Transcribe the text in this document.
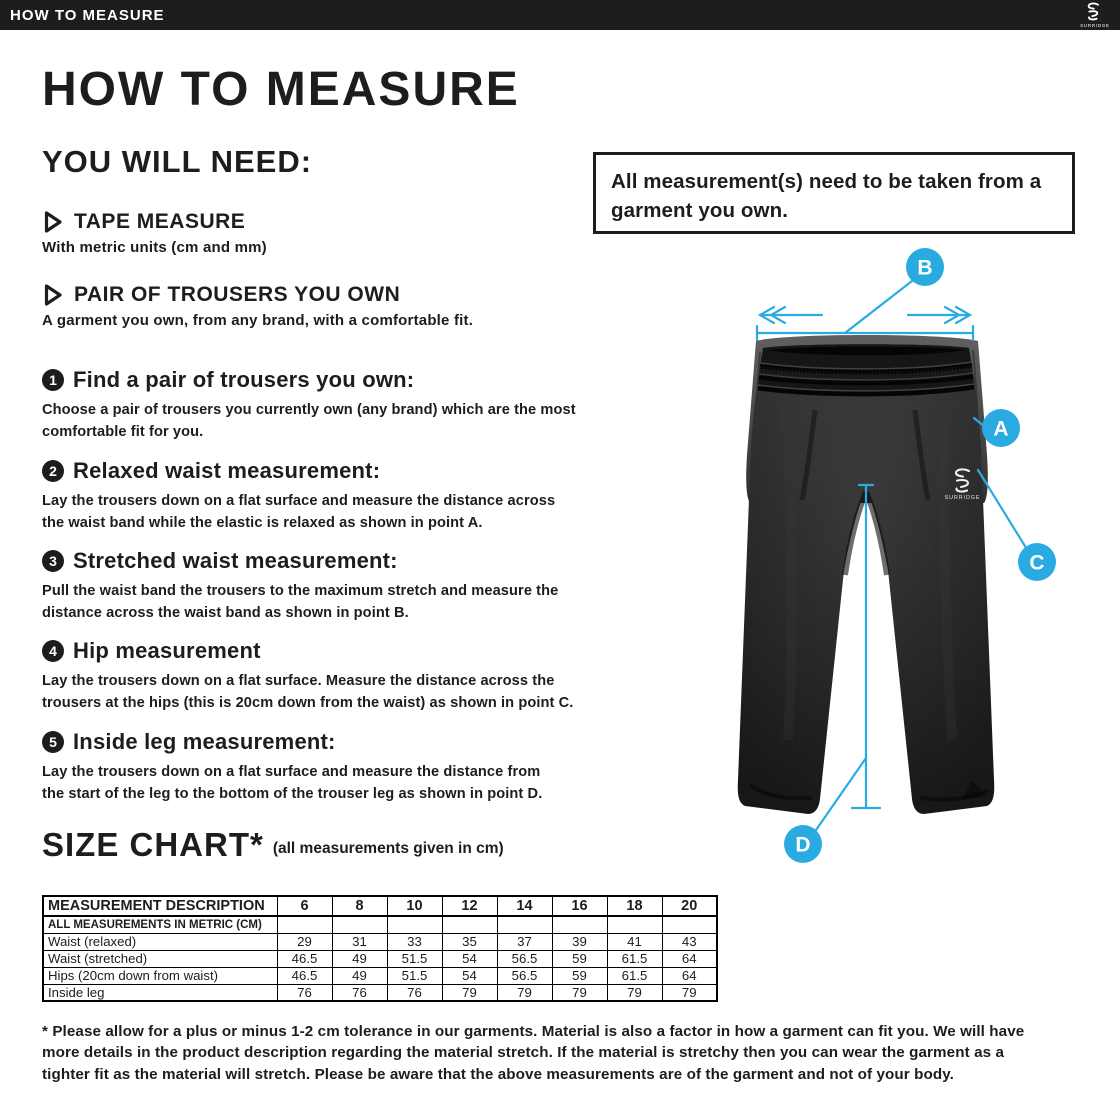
HOW TO MEASURE
SURRIDGE
HOW TO MEASURE
YOU WILL NEED:
TAPE MEASURE
With metric units (cm and mm)
PAIR OF TROUSERS YOU OWN
A garment you own, from any brand, with a comfortable fit.
All measurement(s) need to be taken from a garment you own.
1 Find a pair of trousers you own:
Choose a pair of trousers you currently own (any brand) which are the most
comfortable fit for you.
2 Relaxed waist measurement:
Lay the trousers down on a flat surface and measure the distance across
the waist band while the elastic is relaxed as shown in point A.
3 Stretched waist measurement:
Pull the waist band the trousers to the maximum stretch and measure the
distance across the waist band as shown in point B.
4 Hip measurement
Lay the trousers down on a flat surface. Measure the distance across the
trousers at the hips (this is 20cm down from the waist) as shown in point C.
5 Inside leg measurement:
Lay the trousers down on a flat surface and measure the distance from
the start of the leg to the bottom of the trouser leg as shown in point D.
SIZE CHART* (all measurements given in cm)
MEASUREMENT DESCRIPTION	6	8	10	12	14	16	18	20
ALL MEASUREMENTS IN METRIC (CM)								
Waist (relaxed)	29	31	33	35	37	39	41	43
Waist (stretched)	46.5	49	51.5	54	56.5	59	61.5	64
Hips (20cm down from waist)	46.5	49	51.5	54	56.5	59	61.5	64
Inside leg	76	76	76	79	79	79	79	79
* Please allow for a plus or minus 1-2 cm tolerance in our garments. Material is also a factor in how a garment can fit you. We will have
more details in the product description regarding the material stretch. If the material is stretchy then you can wear the garment as a
tighter fit as the material will stretch. Please be aware that the above measurements are of the garment and not of your body.
SURRIDGE
B
A
C
D
